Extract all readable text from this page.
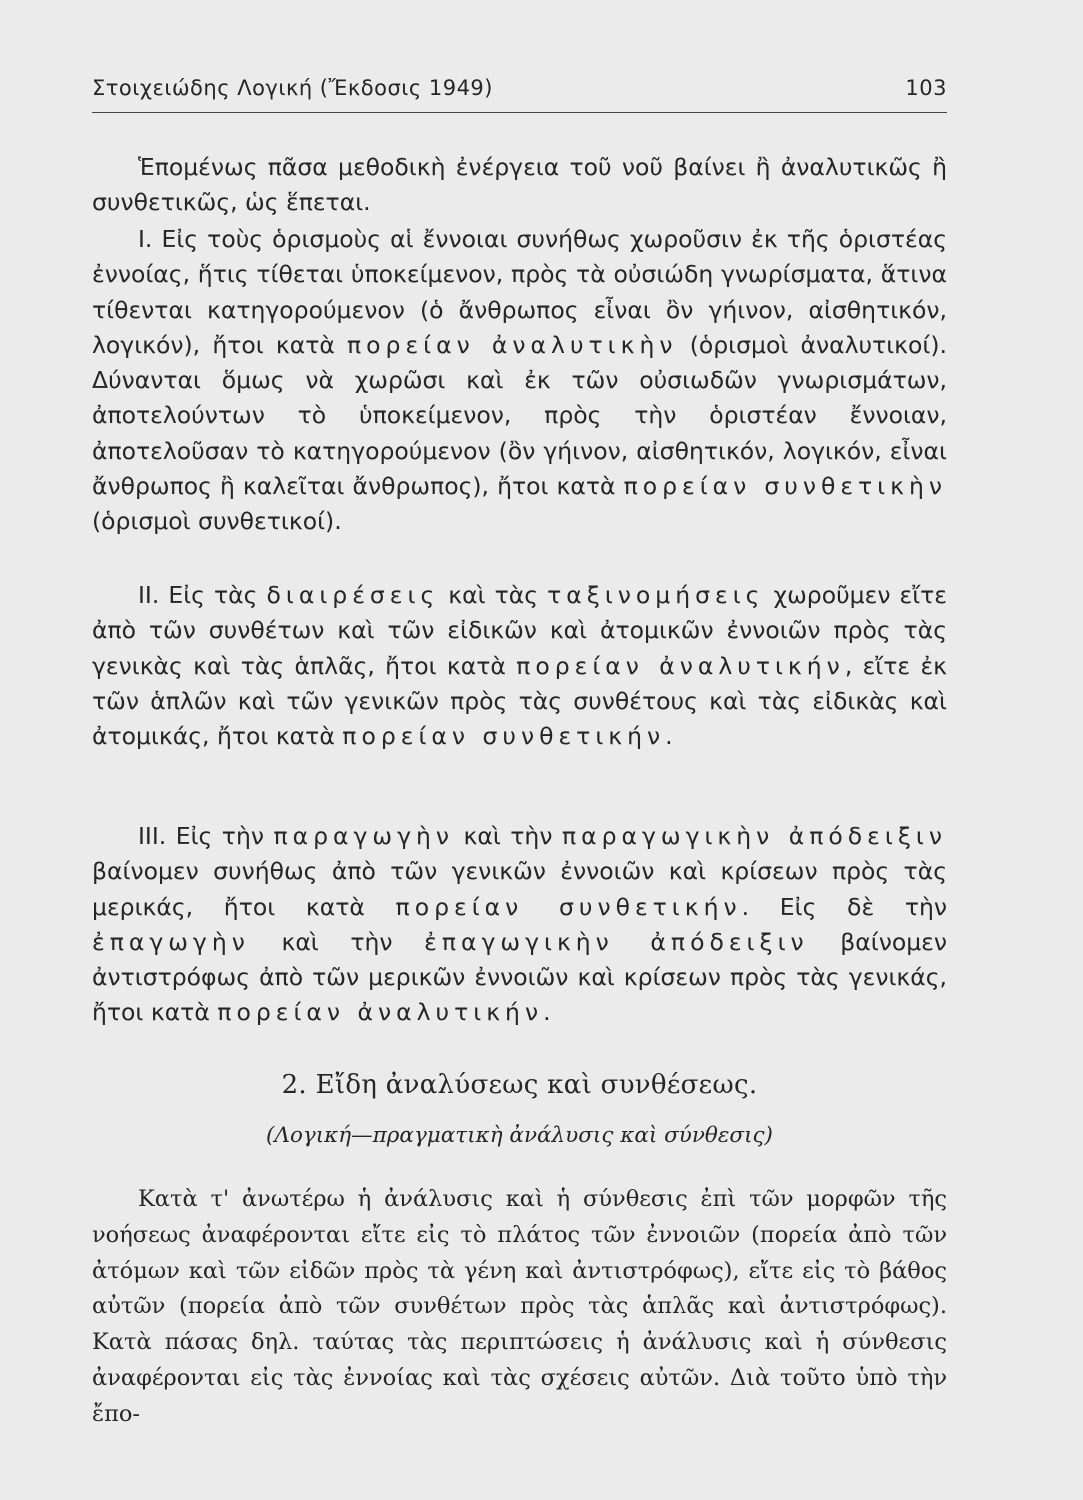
Στοιχειώδης Λογική (Ἔκδοσις 1949)	103

Ἑπομένως πᾶσα μεθοδικὴ ἐνέργεια τοῦ νοῦ βαίνει ἢ ἀναλυτικῶς ἢ συνθετικῶς, ὡς ἕπεται.

I. Εἰς τοὺς ὁρισμοὺς αἱ ἔννοιαι συνήθως χωροῦσιν ἐκ τῆς ὁριστέας ἐννοίας, ἥτις τίθεται ὑποκείμενον, πρὸς τὰ οὐσιώδη γνωρίσματα, ἅτινα τίθενται κατηγορούμενον (ὁ ἄνθρωπος εἶναι ὂν γήινον, αἰσθητικόν, λογικόν), ἤτοι κατὰ πορείαν ἀναλυτικὴν (ὁρισμοὶ ἀναλυτικοί). Δύνανται ὅμως νὰ χωρῶσι καὶ ἐκ τῶν οὐσιωδῶν γνωρισμάτων, ἀποτελούντων τὸ ὑποκείμενον, πρὸς τὴν ὁριστέαν ἔννοιαν, ἀποτελοῦσαν τὸ κατηγορούμενον (ὂν γήινον, αἰσθητικόν, λογικόν, εἶναι ἄνθρωπος ἢ καλεῖται ἄνθρωπος), ἤτοι κατὰ πορείαν συνθετικὴν (ὁρισμοὶ συνθετικοί).

II. Εἰς τὰς διαιρέσεις καὶ τὰς ταξινομήσεις χωροῦμεν εἴτε ἀπὸ τῶν συνθέτων καὶ τῶν εἰδικῶν καὶ ἀτομικῶν ἐννοιῶν πρὸς τὰς γενικὰς καὶ τὰς ἁπλᾶς, ἤτοι κατὰ πορείαν ἀναλυτικήν, εἴτε ἐκ τῶν ἁπλῶν καὶ τῶν γενικῶν πρὸς τὰς συνθέτους καὶ τὰς εἰδικὰς καὶ ἀτομικάς, ἤτοι κατὰ πορείαν συνθετικήν.

III. Εἰς τὴν παραγωγὴν καὶ τὴν παραγωγικὴν ἀπόδειξιν βαίνομεν συνήθως ἀπὸ τῶν γενικῶν ἐννοιῶν καὶ κρίσεων πρὸς τὰς μερικάς, ἤτοι κατὰ πορείαν συνθετικήν. Εἰς δὲ τὴν ἐπαγωγὴν καὶ τὴν ἐπαγωγικὴν ἀπόδειξιν βαίνομεν ἀντιστρόφως ἀπὸ τῶν μερικῶν ἐννοιῶν καὶ κρίσεων πρὸς τὰς γενικάς, ἤτοι κατὰ πορείαν ἀναλυτικήν.

2. Εἴδη ἀναλύσεως καὶ συνθέσεως.
(Λογική—πραγματικὴ ἀνάλυσις καὶ σύνθεσις)

Κατὰ τ' ἀνωτέρω ἡ ἀνάλυσις καὶ ἡ σύνθεσις ἐπὶ τῶν μορφῶν τῆς νοήσεως ἀναφέρονται εἴτε εἰς τὸ πλάτος τῶν ἐννοιῶν (πορεία ἀπὸ τῶν ἀτόμων καὶ τῶν εἰδῶν πρὸς τὰ γένη καὶ ἀντιστρόφως), εἴτε εἰς τὸ βάθος αὐτῶν (πορεία ἀπὸ τῶν συνθέτων πρὸς τὰς ἁπλᾶς καὶ ἀντιστρόφως). Κατὰ πάσας δηλ. ταύτας τὰς περιπτώσεις ἡ ἀνάλυσις καὶ ἡ σύνθεσις ἀναφέρονται εἰς τὰς ἐννοίας καὶ τὰς σχέσεις αὐτῶν. Διὰ τοῦτο ὑπὸ τὴν ἔπο-
